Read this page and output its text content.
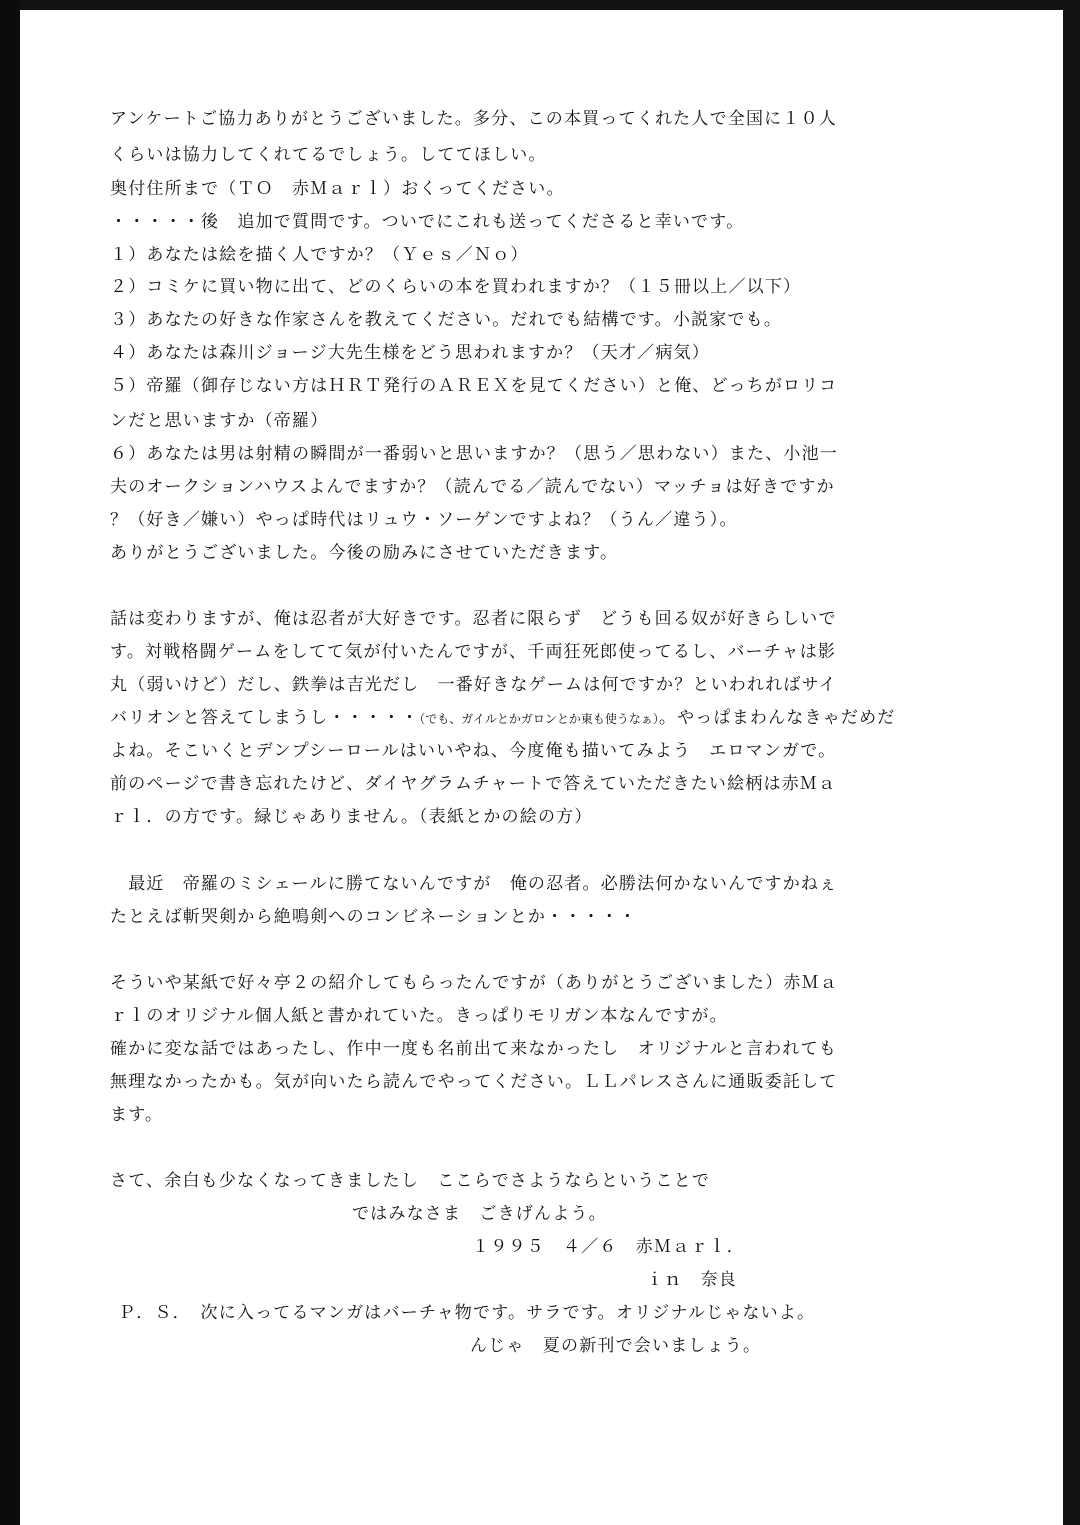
アンケートご協力ありがとうございました。多分、この本買ってくれた人で全国に１０人

くらいは協力してくれてるでしょう。しててほしい。

奥付住所まで（ＴＯ　赤Ｍａｒｌ）おくってください。

・・・・・後　追加で質問です。ついでにこれも送ってくださると幸いです。

１）あなたは絵を描く人ですか？（Ｙｅｓ／Ｎｏ）

２）コミケに買い物に出て、どのくらいの本を買われますか？（１５冊以上／以下）

３）あなたの好きな作家さんを教えてください。だれでも結構です。小説家でも。

４）あなたは森川ジョージ大先生様をどう思われますか？（天才／病気）

５）帝羅（御存じない方はＨＲＴ発行のＡＲＥＸを見てください）と俺、どっちがロリコ

ンだと思いますか（帝羅）

６）あなたは男は射精の瞬間が一番弱いと思いますか？（思う／思わない）また、小池一

夫のオークションハウスよんでますか？（読んでる／読んでない）マッチョは好きですか

？（好き／嫌い）やっぱ時代はリュウ・ソーゲンですよね？（うん／違う）。

ありがとうございました。今後の励みにさせていただきます。

話は変わりますが、俺は忍者が大好きです。忍者に限らず　どうも回る奴が好きらしいで

す。対戦格闘ゲームをしてて気が付いたんですが、千両狂死郎使ってるし、バーチャは影

丸（弱いけど）だし、鉄拳は吉光だし　一番好きなゲームは何ですか？といわれればサイ

バリオンと答えてしまうし・・・・・（でも、ガイルとかガロンとか東も使うなぁ）。やっぱまわんなきゃだめだ

よね。そこいくとデンプシーロールはいいやね、今度俺も描いてみよう　エロマンガで。

前のページで書き忘れたけど、ダイヤグラムチャートで答えていただきたい絵柄は赤Ｍａ

ｒｌ．の方です。緑じゃありません。（表紙とかの絵の方）

　最近　帝羅のミシェールに勝てないんですが　俺の忍者。必勝法何かないんですかねぇ

たとえば斬哭剣から絶鳴剣へのコンビネーションとか・・・・・

そういや某紙で好々亭２の紹介してもらったんですが（ありがとうございました）赤Ｍａ

ｒｌのオリジナル個人紙と書かれていた。きっぱりモリガン本なんですが。

確かに変な話ではあったし、作中一度も名前出て来なかったし　オリジナルと言われても

無理なかったかも。気が向いたら読んでやってください。ＬＬパレスさんに通販委託して

ます。

さて、余白も少なくなってきましたし　ここらでさようならということで

ではみなさま　ごきげんよう。

１９９５　４／６　赤Ｍａｒｌ．

ｉｎ　奈良

Ｐ．Ｓ．　次に入ってるマンガはバーチャ物です。サラです。オリジナルじゃないよ。

んじゃ　夏の新刊で会いましょう。
